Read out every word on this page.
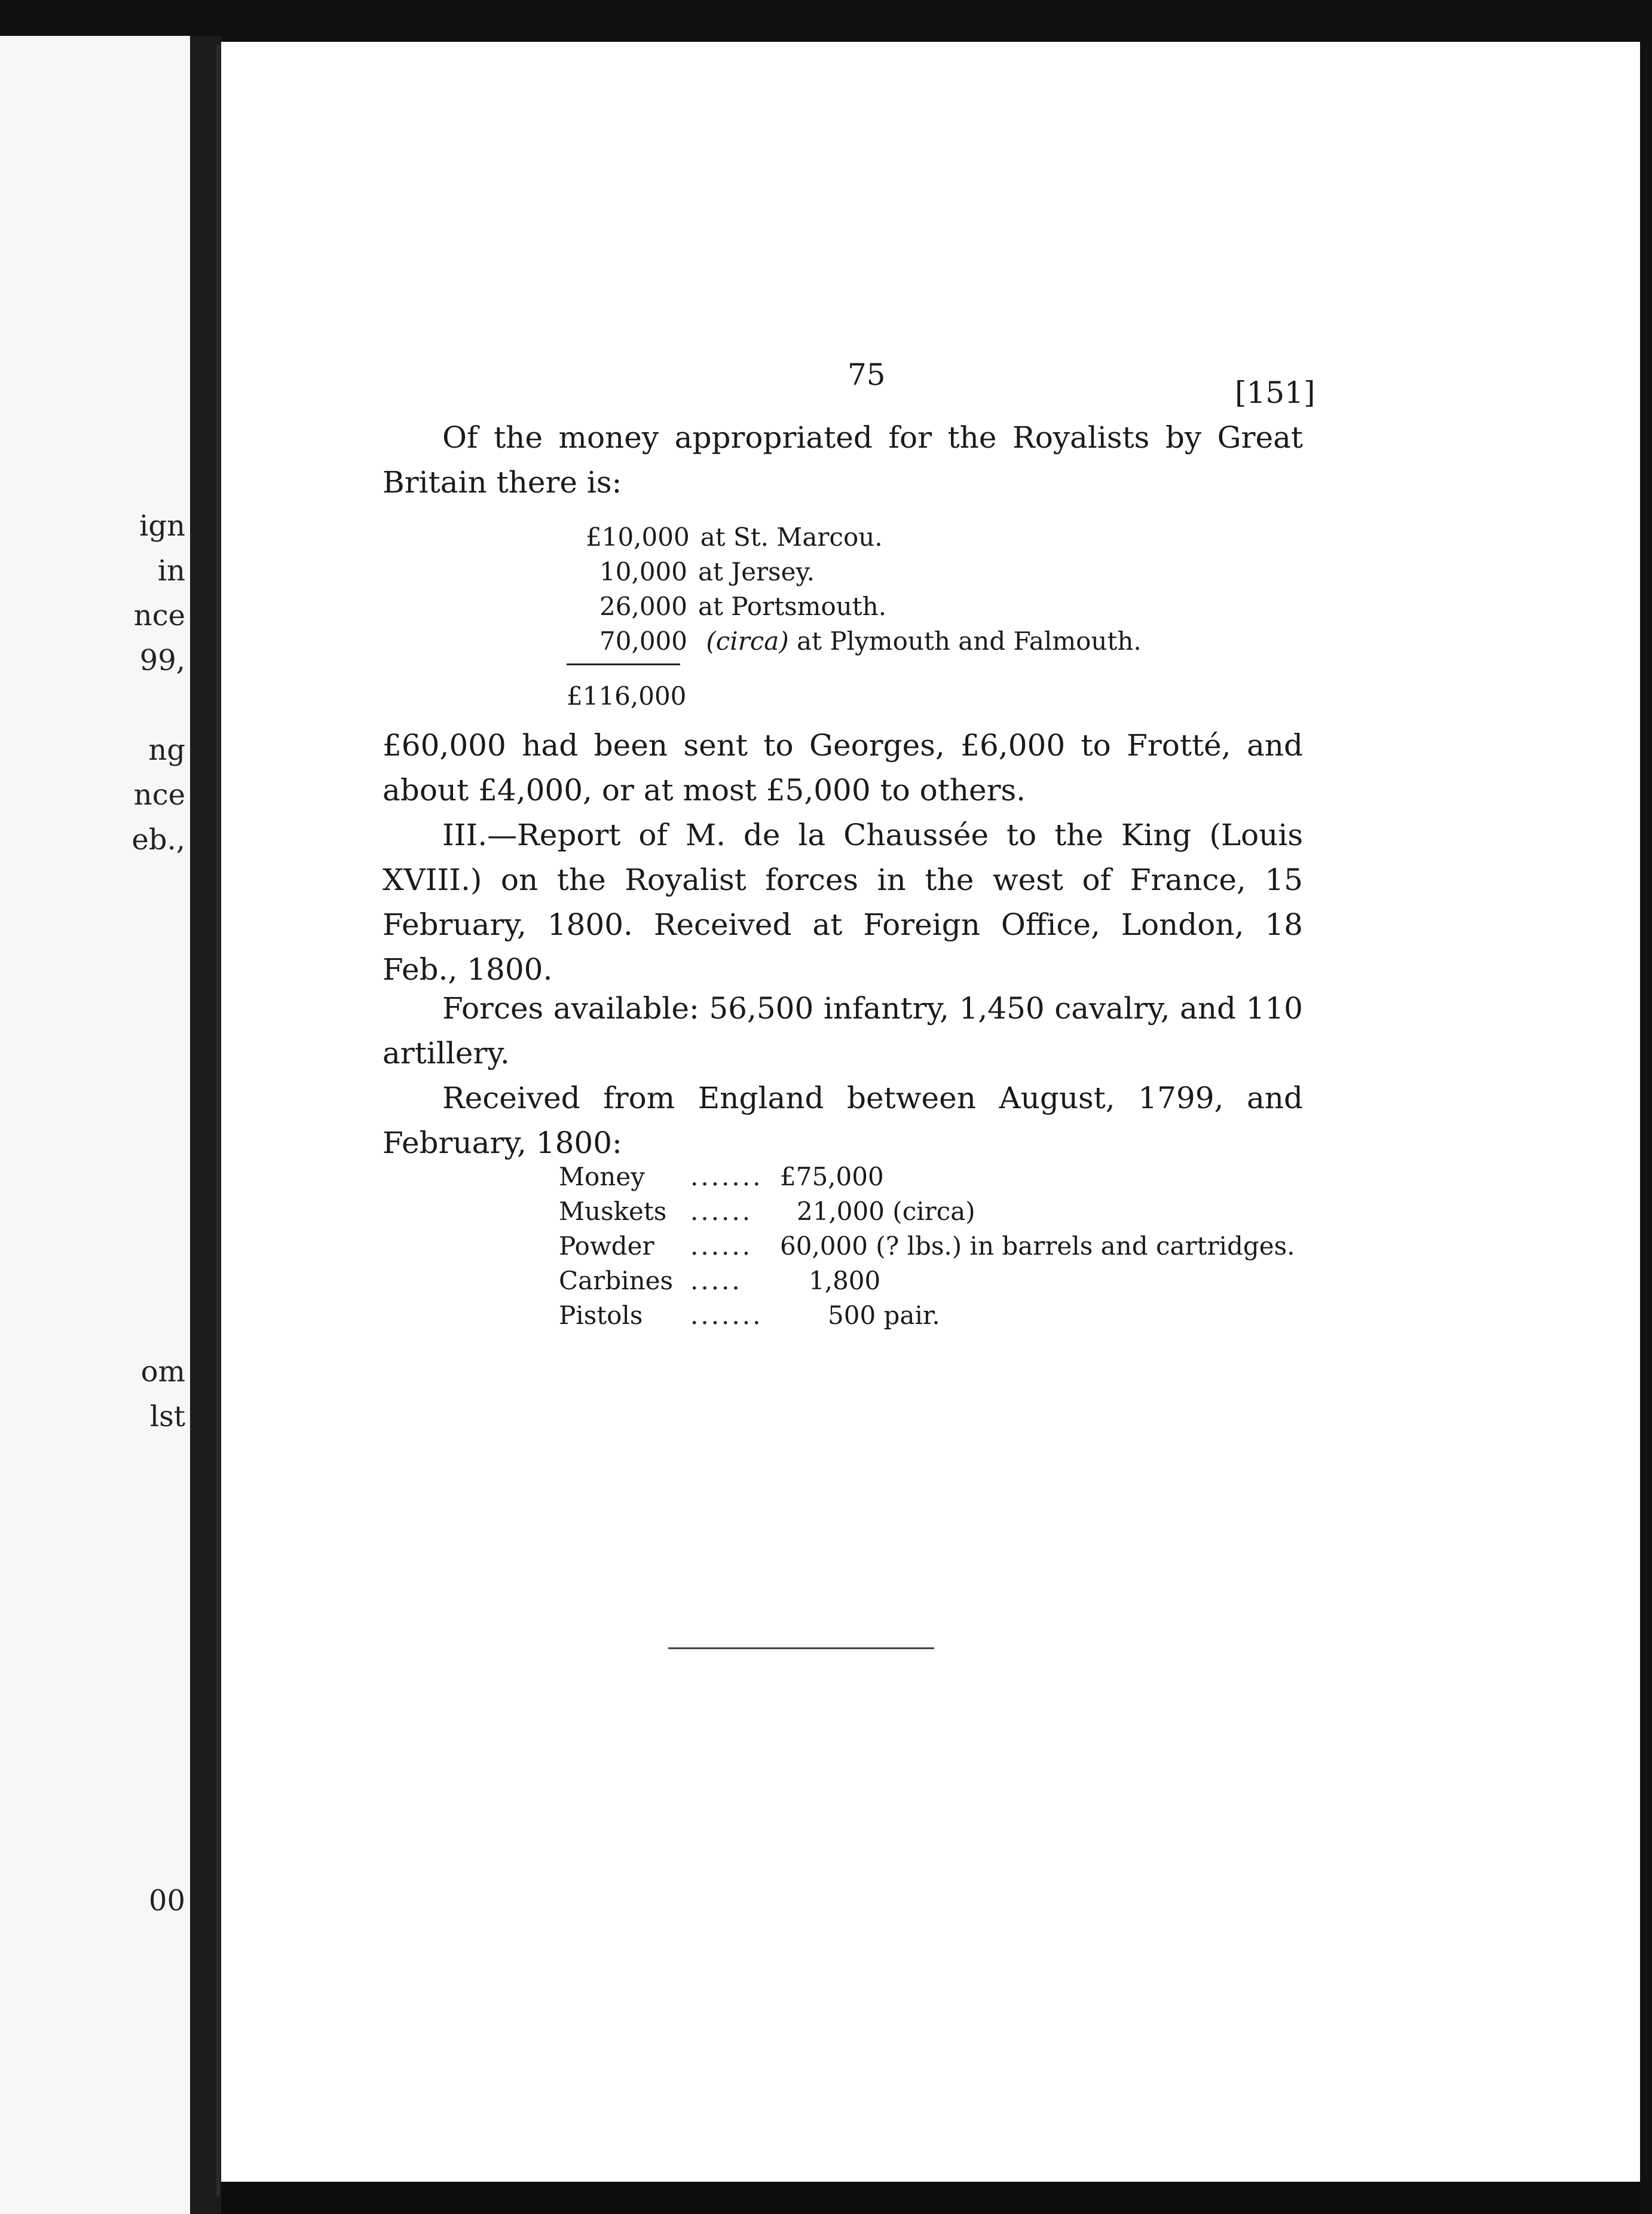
ign
in
nce
99,
ng
nce
eb.,
om
lst
00
75
[151]
Of the money appropriated for the Royalists by Great Britain there is:
£10,000 at St. Marcou.
10,000 at Jersey.
26,000 at Portsmouth.
70,000 (circa) at Plymouth and Falmouth.
£116,000
£60,000 had been sent to Georges, £6,000 to Frotté, and about £4,000, or at most £5,000 to others.
III.—Report of M. de la Chaussée to the King (Louis XVIII.) on the Royalist forces in the west of France, 15 February, 1800. Received at Foreign Office, London, 18 Feb., 1800.
Forces available: 56,500 infantry, 1,450 cavalry, and 110 artillery.
Received from England between August, 1799, and February, 1800:
Money	....... £75,000
Muskets ......	21,000 (circa)
Powder	......	60,000 (? lbs.) in barrels and cartridges.
Carbines .....	1,800
Pistols	.......	500 pair.
